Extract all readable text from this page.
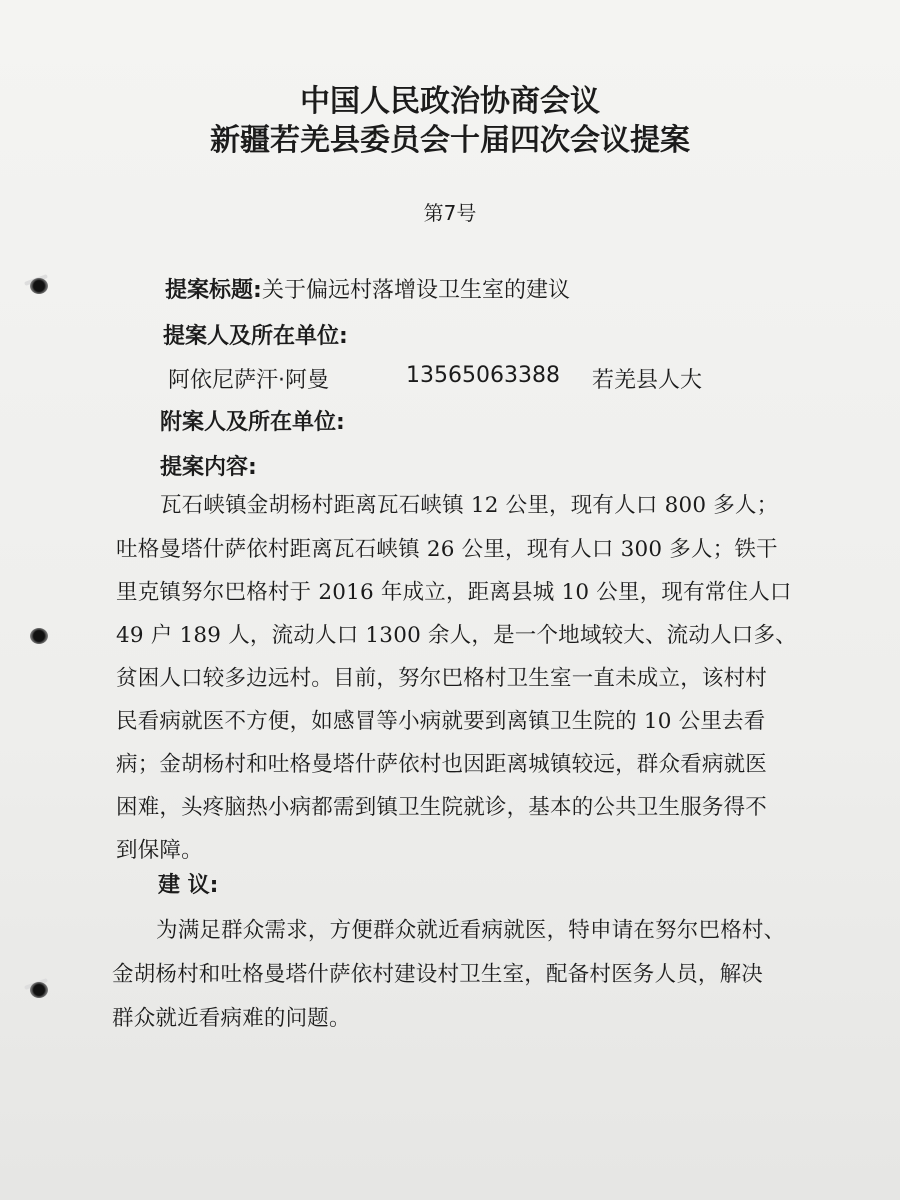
中国人民政治协商会议
新疆若羌县委员会十届四次会议提案
第7号
提案标题: 关于偏远村落增设卫生室的建议
提案人及所在单位:
阿依尼萨汗·阿曼	13565063388 若羌县人大
附案人及所在单位:
提案内容:
瓦石峡镇金胡杨村距离瓦石峡镇 12 公里，现有人口 800 多人；
吐格曼塔什萨依村距离瓦石峡镇 26 公里，现有人口 300 多人；铁干
里克镇努尔巴格村于 2016 年成立，距离县城 10 公里，现有常住人口
49 户 189 人，流动人口 1300 余人，是一个地域较大、流动人口多、
贫困人口较多边远村。目前，努尔巴格村卫生室一直未成立，该村村
民看病就医不方便，如感冒等小病就要到离镇卫生院的 10 公里去看
病；金胡杨村和吐格曼塔什萨依村也因距离城镇较远，群众看病就医
困难，头疼脑热小病都需到镇卫生院就诊，基本的公共卫生服务得不
到保障。
建 议:
为满足群众需求，方便群众就近看病就医，特申请在努尔巴格村、
金胡杨村和吐格曼塔什萨依村建设村卫生室，配备村医务人员，解决
群众就近看病难的问题。
